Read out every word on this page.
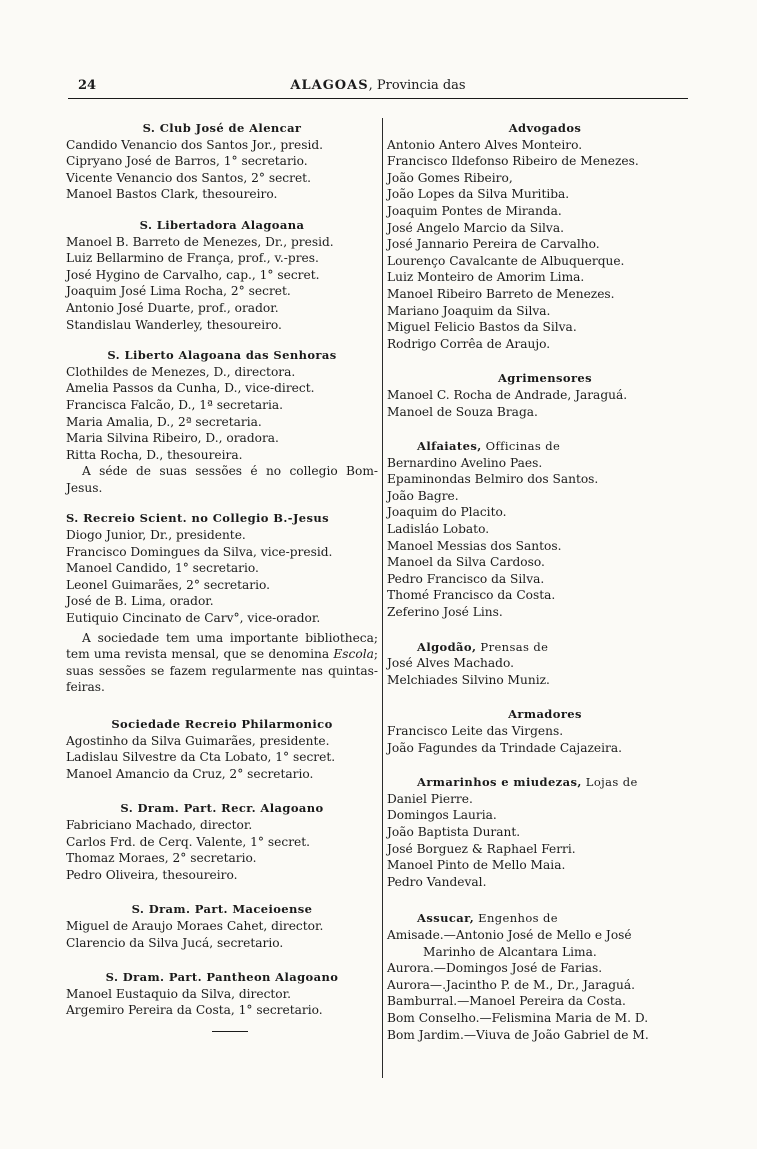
24	ALAGOAS, Provincia das
S. Club José de Alencar
Candido Venancio dos Santos Jor., presid.
Cipryano José de Barros, 1° secretario.
Vicente Venancio dos Santos, 2° secret.
Manoel Bastos Clark, thesoureiro.
S. Libertadora Alagoana
Manoel B. Barreto de Menezes, Dr., presid.
Luiz Bellarmino de França, prof., v.-pres.
José Hygino de Carvalho, cap., 1° secret.
Joaquim José Lima Rocha, 2° secret.
Antonio José Duarte, prof., orador.
Standislau Wanderley, thesoureiro.
S. Liberto Alagoana das Senhoras
Clothildes de Menezes, D., directora.
Amelia Passos da Cunha, D., vice-direct.
Francisca Falcão, D., 1ª secretaria.
Maria Amalia, D., 2ª secretaria.
Maria Silvina Ribeiro, D., oradora.
Ritta Rocha, D., thesoureira.
A séde de suas sessões é no collegio Bom-Jesus.
S. Recreio Scient. no Collegio B.-Jesus
Diogo Junior, Dr., presidente.
Francisco Domingues da Silva, vice-presid.
Manoel Candido, 1° secretario.
Leonel Guimarães, 2° secretario.
José de B. Lima, orador.
Eutiquio Cincinato de Carv°, vice-orador.
A sociedade tem uma importante bibliotheca; tem uma revista mensal, que se denomina Escola; suas sessões se fazem regularmente nas quintas-feiras.
Sociedade Recreio Philarmonico
Agostinho da Silva Guimarães, presidente.
Ladislau Silvestre da Cta Lobato, 1° secret.
Manoel Amancio da Cruz, 2° secretario.
S. Dram. Part. Recr. Alagoano
Fabriciano Machado, director.
Carlos Frd. de Cerq. Valente, 1° secret.
Thomaz Moraes, 2° secretario.
Pedro Oliveira, thesoureiro.
S. Dram. Part. Maceioense
Miguel de Araujo Moraes Cahet, director.
Clarencio da Silva Jucá, secretario.
S. Dram. Part. Pantheon Alagoano
Manoel Eustaquio da Silva, director.
Argemiro Pereira da Costa, 1° secretario.
Advogados
Antonio Antero Alves Monteiro.
Francisco Ildefonso Ribeiro de Menezes.
João Gomes Ribeiro,
João Lopes da Silva Muritiba.
Joaquim Pontes de Miranda.
José Angelo Marcio da Silva.
José Jannario Pereira de Carvalho.
Lourenço Cavalcante de Albuquerque.
Luiz Monteiro de Amorim Lima.
Manoel Ribeiro Barreto de Menezes.
Mariano Joaquim da Silva.
Miguel Felicio Bastos da Silva.
Rodrigo Corrêa de Araujo.
Agrimensores
Manoel C. Rocha de Andrade, Jaraguá.
Manoel de Souza Braga.
Alfaiates, Officinas de
Bernardino Avelino Paes.
Epaminondas Belmiro dos Santos.
João Bagre.
Joaquim do Placito.
Ladisláo Lobato.
Manoel Messias dos Santos.
Manoel da Silva Cardoso.
Pedro Francisco da Silva.
Thomé Francisco da Costa.
Zeferino José Lins.
Algodão, Prensas de
José Alves Machado.
Melchiades Silvino Muniz.
Armadores
Francisco Leite das Virgens.
João Fagundes da Trindade Cajazeira.
Armarinhos e miudezas, Lojas de
Daniel Pierre.
Domingos Lauria.
João Baptista Durant.
José Borguez & Raphael Ferri.
Manoel Pinto de Mello Maia.
Pedro Vandeval.
Assucar, Engenhos de
Amisade.—Antonio José de Mello e José
Marinho de Alcantara Lima.
Aurora.—Domingos José de Farias.
Aurora—.Jacintho P. de M., Dr., Jaraguá.
Bamburral.—Manoel Pereira da Costa.
Bom Conselho.—Felismina Maria de M. D.
Bom Jardim.—Viuva de João Gabriel de M.
